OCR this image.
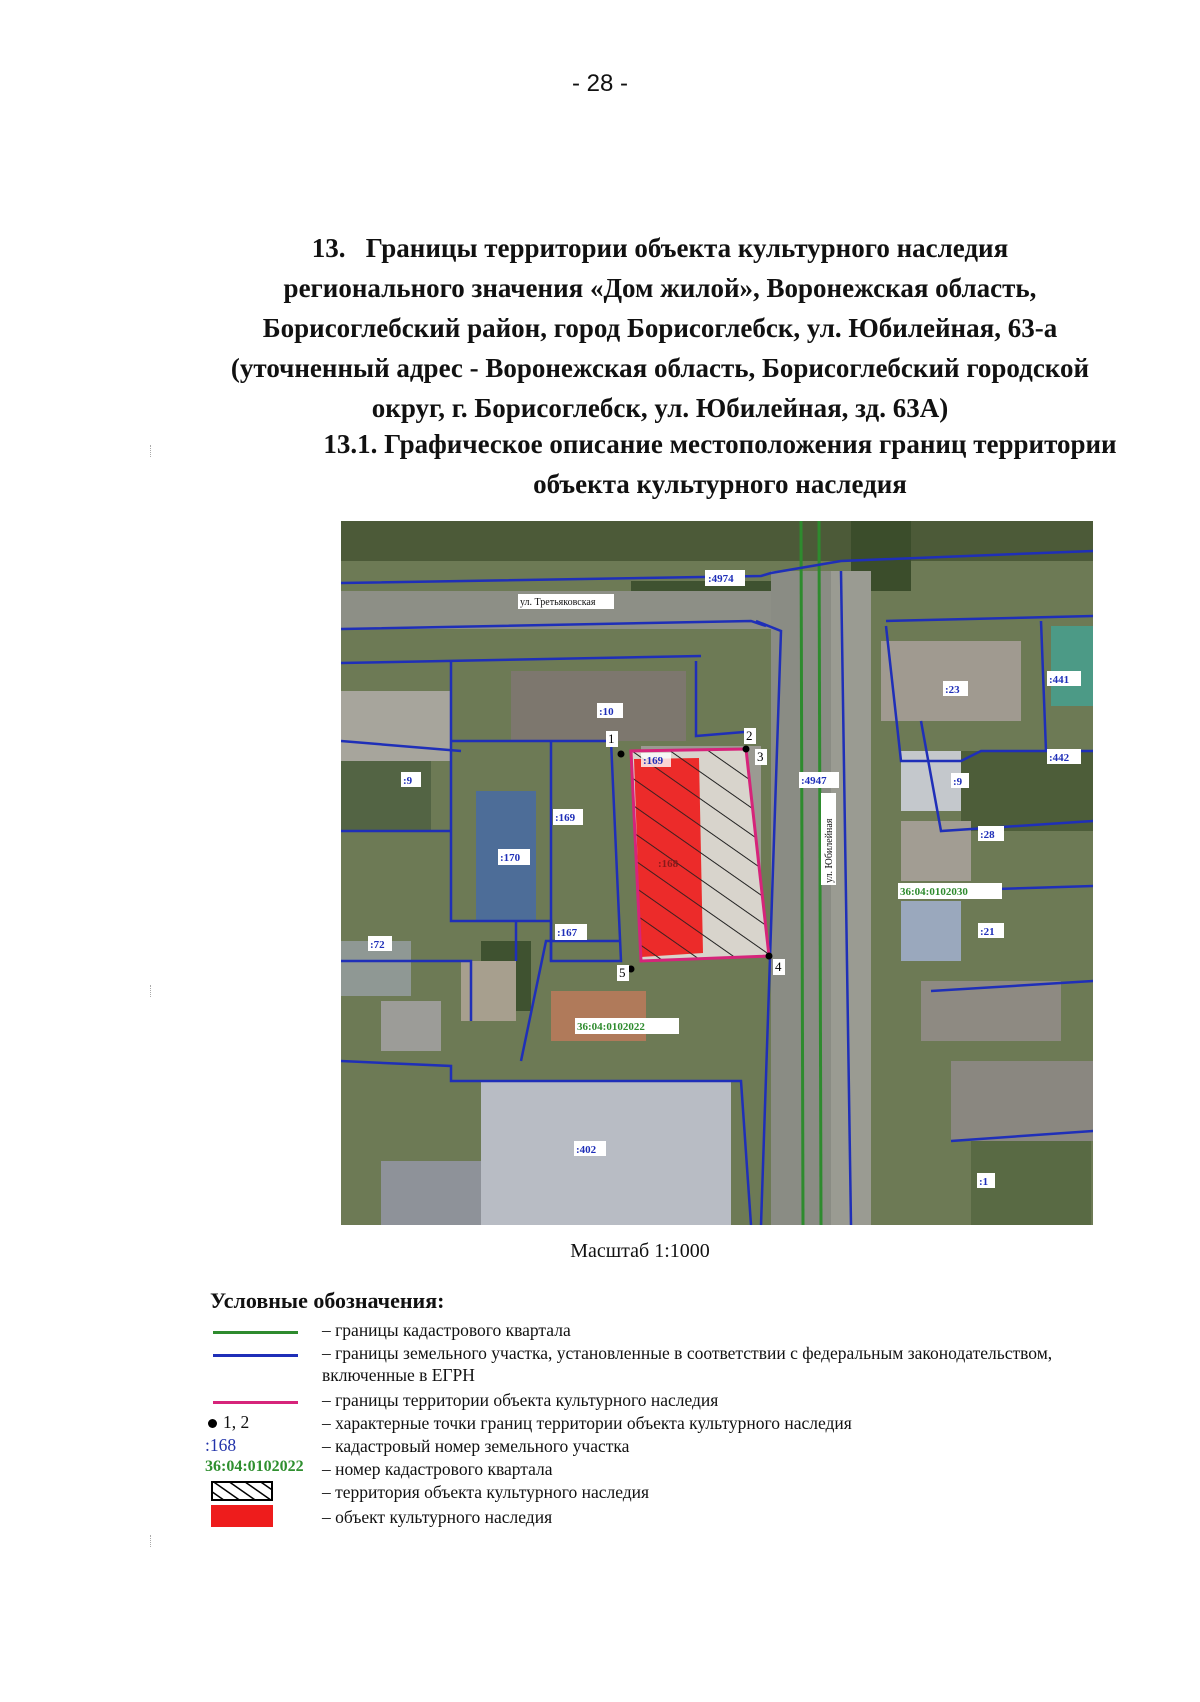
- 28 -
13. Границы территории объекта культурного наследия
регионального значения «Дом жилой», Воронежская область,
Борисоглебский район, город Борисоглебск, ул. Юбилейная, 63-а
(уточненный адрес - Воронежская область, Борисоглебский городской
округ, г. Борисоглебск, ул. Юбилейная, зд. 63А)
13.1. Графическое описание местоположения границ территории
объекта культурного наследия
:4974
:10
:169
:9
:169
:170
:167
:72
:402
:4947
:23
:441
:442
:9
:28
:21
:1
:168
36:04:0102030
36:04:0102022
ул. Третьяковская
ул. Юбилейная
1	2
3
4
5
Масштаб 1:1000
Условные обозначения:
– границы кадастрового квартала
– границы земельного участка, установленные в соответствии с федеральным законодательством, включенные в ЕГРН
– границы территории объекта культурного наследия
1, 2	– характерные точки границ территории объекта культурного наследия
:168	– кадастровый номер земельного участка
36:04:0102022	– номер кадастрового квартала
– территория объекта культурного наследия
– объект культурного наследия
